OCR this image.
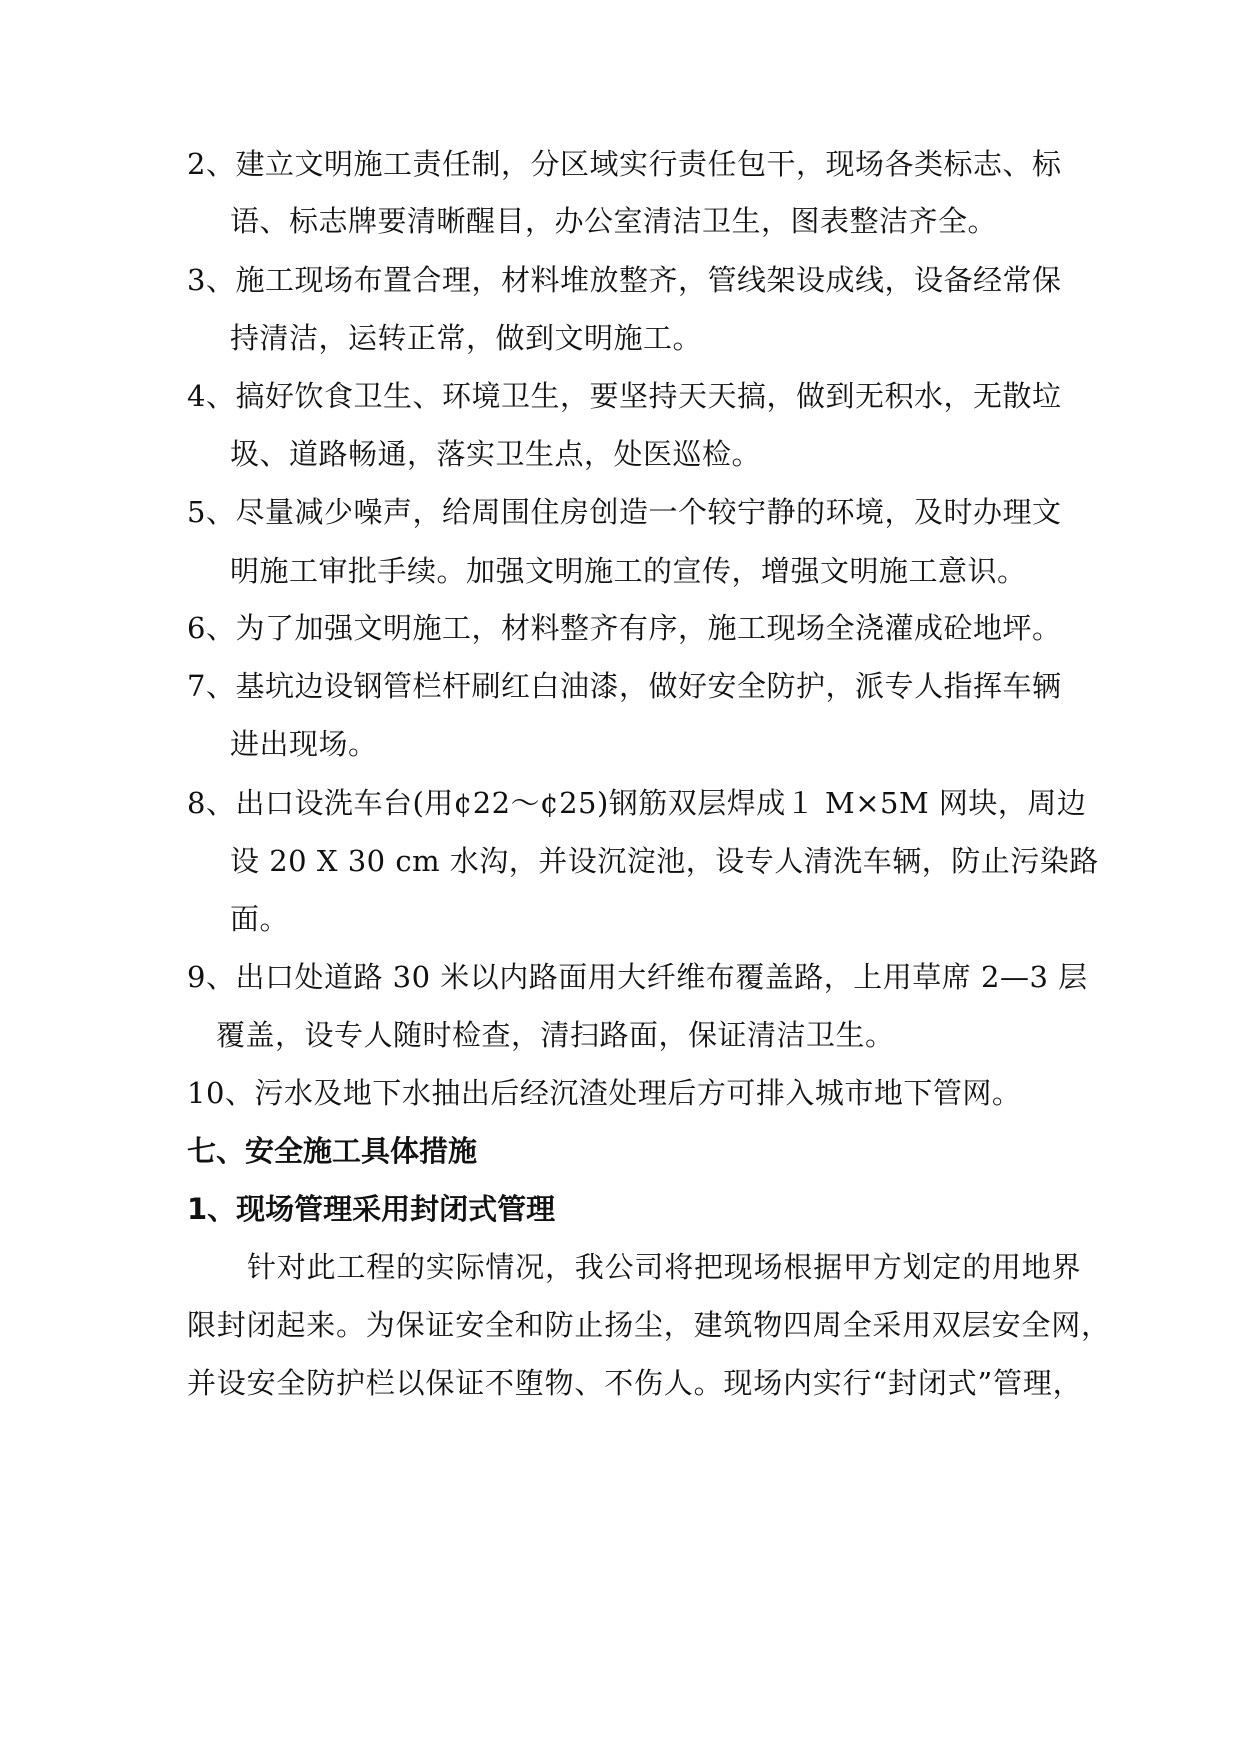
2、建立文明施工责任制，分区域实行责任包干，现场各类标志、标
语、标志牌要清晰醒目，办公室清洁卫生，图表整洁齐全。
3、施工现场布置合理，材料堆放整齐，管线架设成线，设备经常保
持清洁，运转正常，做到文明施工。
4、搞好饮食卫生、环境卫生，要坚持天天搞，做到无积水，无散垃
圾、道路畅通，落实卫生点，处医巡检。
5、尽量减少噪声，给周围住房创造一个较宁静的环境，及时办理文
明施工审批手续。加强文明施工的宣传，增强文明施工意识。
6、为了加强文明施工，材料整齐有序，施工现场全浇灌成砼地坪。
7、基坑边设钢管栏杆刷红白油漆，做好安全防护，派专人指挥车辆
进出现场。
8、出口设洗车台(用¢22～¢25)钢筋双层焊成１ M×5M 网块，周边
设 20 X 30 cm 水沟，并设沉淀池，设专人清洗车辆，防止污染路
面。
9、出口处道路 30 米以内路面用大纤维布覆盖路，上用草席 2—3 层
覆盖，设专人随时检查，清扫路面，保证清洁卫生。
10、污水及地下水抽出后经沉渣处理后方可排入城市地下管网。
七、安全施工具体措施
1、现场管理采用封闭式管理
针对此工程的实际情况，我公司将把现场根据甲方划定的用地界
限封闭起来。为保证安全和防止扬尘，建筑物四周全采用双层安全网，
并设安全防护栏以保证不堕物、不伤人。现场内实行“封闭式”管理，
